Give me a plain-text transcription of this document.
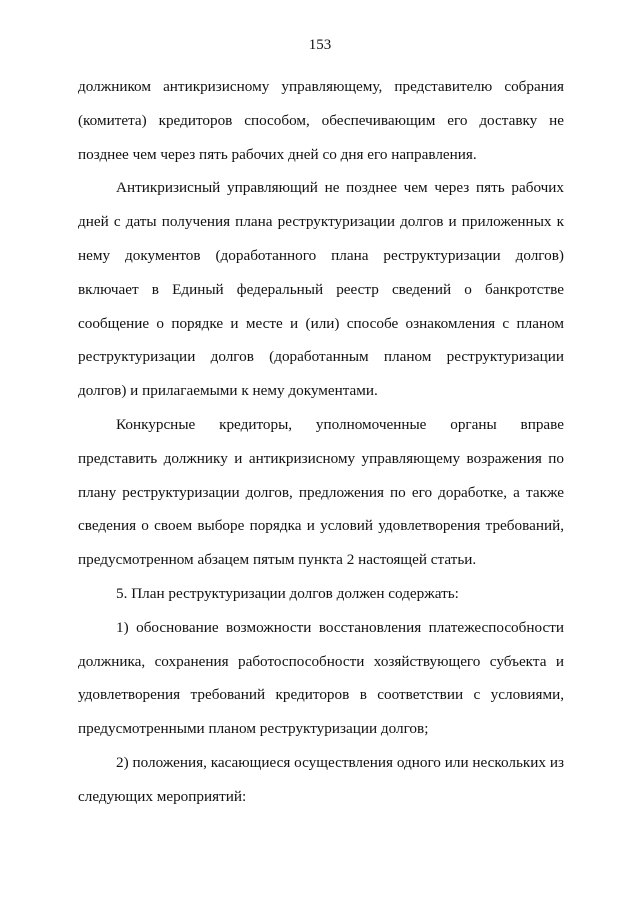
153
должником антикризисному управляющему, представителю собрания
(комитета) кредиторов способом, обеспечивающим его доставку не
позднее чем через пять рабочих дней со дня его направления.
Антикризисный управляющий не позднее чем через пять рабочих
дней с даты получения плана реструктуризации долгов и приложенных к
нему документов (доработанного плана реструктуризации долгов)
включает в Единый федеральный реестр сведений о банкротстве
сообщение о порядке и месте и (или) способе ознакомления с планом
реструктуризации долгов (доработанным планом реструктуризации
долгов) и прилагаемыми к нему документами.
Конкурсные кредиторы, уполномоченные органы вправе
представить должнику и антикризисному управляющему возражения по
плану реструктуризации долгов, предложения по его доработке, а также
сведения о своем выборе порядка и условий удовлетворения требований,
предусмотренном абзацем пятым пункта 2 настоящей статьи.
5. План реструктуризации долгов должен содержать:
1) обоснование возможности восстановления платежеспособности
должника, сохранения работоспособности хозяйствующего субъекта и
удовлетворения требований кредиторов в соответствии с условиями,
предусмотренными планом реструктуризации долгов;
2) положения, касающиеся осуществления одного или нескольких из
следующих мероприятий:
